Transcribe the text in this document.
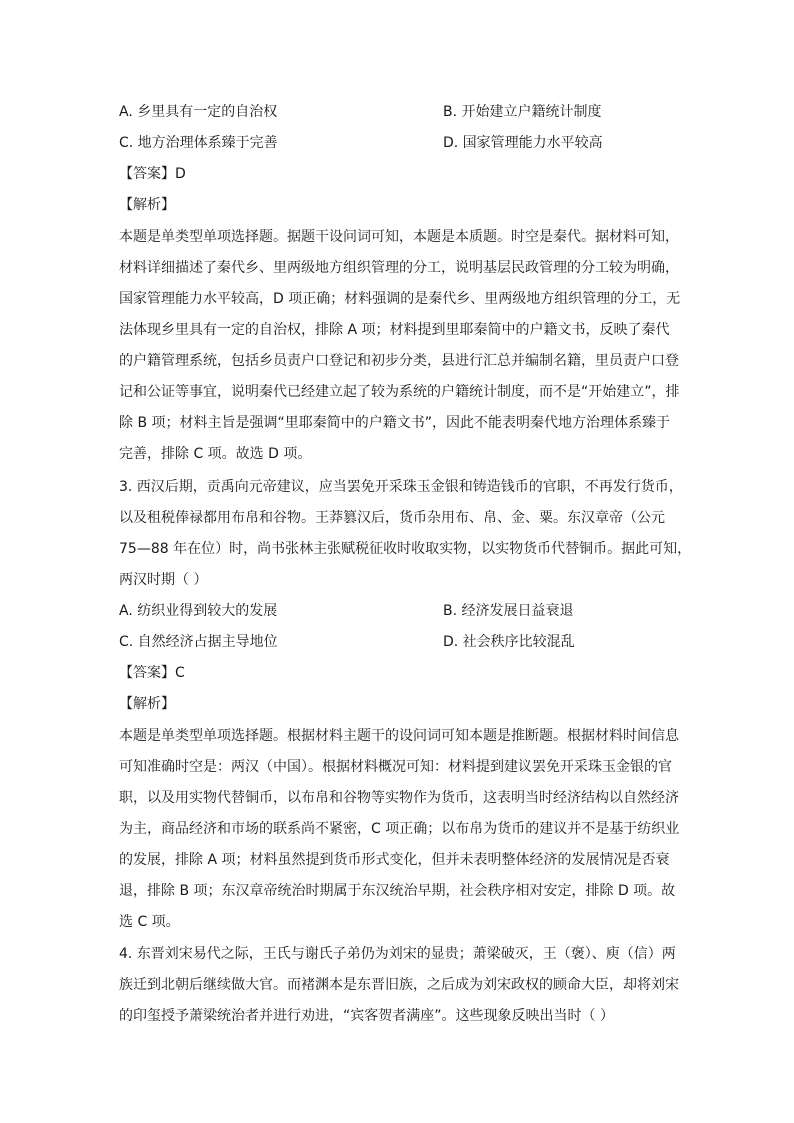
A. 乡里具有一定的自治权	B. 开始建立户籍统计制度
C. 地方治理体系臻于完善	D. 国家管理能力水平较高
【答案】D
【解析】
本题是单类型单项选择题。据题干设问词可知，本题是本质题。时空是秦代。据材料可知，
材料详细描述了秦代乡、里两级地方组织管理的分工，说明基层民政管理的分工较为明确，
国家管理能力水平较高，D 项正确；材料强调的是秦代乡、里两级地方组织管理的分工，无
法体现乡里具有一定的自治权，排除 A 项；材料提到里耶秦简中的户籍文书，反映了秦代
的户籍管理系统，包括乡员责户口登记和初步分类，县进行汇总并编制名籍，里员责户口登
记和公证等事宜，说明秦代已经建立起了较为系统的户籍统计制度，而不是“开始建立”，排
除 B 项；材料主旨是强调“里耶秦简中的户籍文书”，因此不能表明秦代地方治理体系臻于
完善，排除 C 项。故选 D 项。
3. 西汉后期，贡禹向元帝建议，应当罢免开采珠玉金银和铸造钱币的官职，不再发行货币，
以及租税俸禄都用布帛和谷物。王莽篡汉后，货币杂用布、帛、金、粟。东汉章帝（公元
75—88 年在位）时，尚书张林主张赋税征收时收取实物，以实物货币代替铜币。据此可知，
两汉时期（ ）
A. 纺织业得到较大的发展	B. 经济发展日益衰退
C. 自然经济占据主导地位	D. 社会秩序比较混乱
【答案】C
【解析】
本题是单类型单项选择题。根据材料主题干的设问词可知本题是推断题。根据材料时间信息
可知准确时空是：两汉（中国）。根据材料概况可知：材料提到建议罢免开采珠玉金银的官
职，以及用实物代替铜币，以布帛和谷物等实物作为货币，这表明当时经济结构以自然经济
为主，商品经济和市场的联系尚不紧密，C 项正确；以布帛为货币的建议并不是基于纺织业
的发展，排除 A 项；材料虽然提到货币形式变化，但并未表明整体经济的发展情况是否衰
退，排除 B 项；东汉章帝统治时期属于东汉统治早期，社会秩序相对安定，排除 D 项。故
选 C 项。
4. 东晋刘宋易代之际，王氏与谢氏子弟仍为刘宋的显贵；萧梁破灭，王（褒）、庾（信）两
族迁到北朝后继续做大官。而褚渊本是东晋旧族，之后成为刘宋政权的顾命大臣，却将刘宋
的印玺授予萧梁统治者并进行劝进，“宾客贺者满座”。这些现象反映出当时（ ）
